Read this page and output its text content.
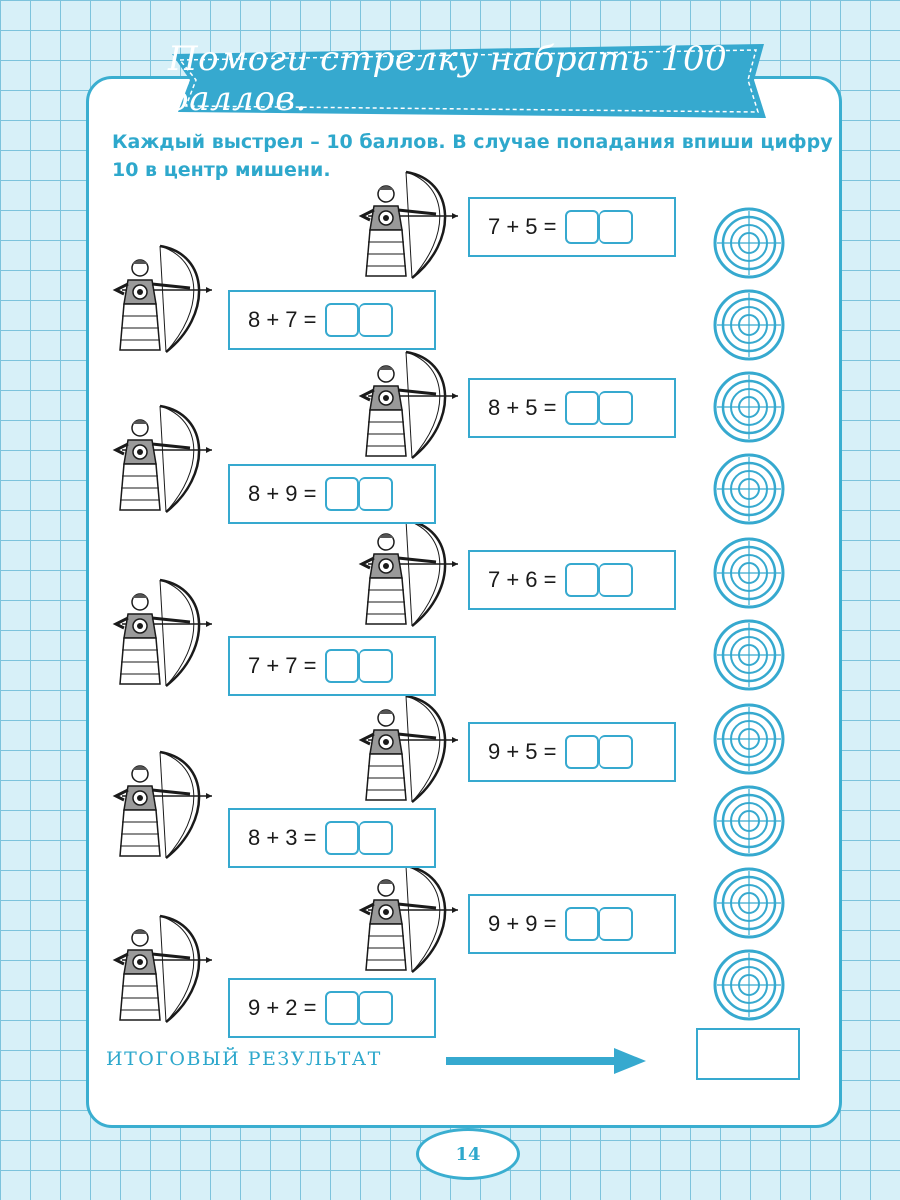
Помоги стрелку набрать 100 баллов.
Каждый выстрел – 10 баллов. В случае попадания впиши цифру 10 в центр мишени.
7 + 5 =
8 + 7 =
8 + 5 =
8 + 9 =
7 + 6 =
7 + 7 =
9 + 5 =
8 + 3 =
9 + 9 =
9 + 2 =
ИТОГОВЫЙ РЕЗУЛЬТАТ
14
